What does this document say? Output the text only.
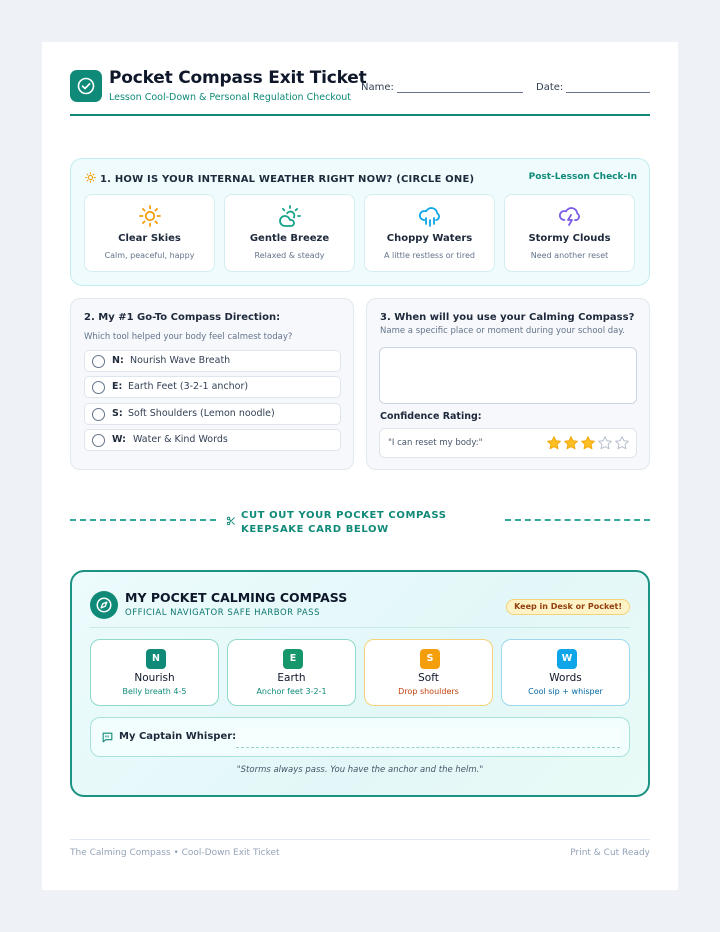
Pocket Compass Exit Ticket
Lesson Cool-Down & Personal Regulation Checkout
Name:	Date:
1. HOW IS YOUR INTERNAL WEATHER RIGHT NOW? (CIRCLE ONE)	Post-Lesson Check-In
Clear Skies
Calm, peaceful, happy
Gentle Breeze
Relaxed & steady
Choppy Waters
A little restless or tired
Stormy Clouds
Need another reset
2. My #1 Go-To Compass Direction:
Which tool helped your body feel calmest today?
N: Nourish Wave Breath
E: Earth Feet (3-2-1 anchor)
S: Soft Shoulders (Lemon noodle)
W: Water & Kind Words
3. When will you use your Calming Compass?
Name a specific place or moment during your school day.
Confidence Rating:
"I can reset my body:"
CUT OUT YOUR POCKET COMPASS
KEEPSAKE CARD BELOW
MY POCKET CALMING COMPASS
OFFICIAL NAVIGATOR SAFE HARBOR PASS
Keep in Desk or Pocket!
N
Nourish
Belly breath 4-5
E
Earth
Anchor feet 3-2-1
S
Soft
Drop shoulders
W
Words
Cool sip + whisper
My Captain Whisper:
"Storms always pass. You have the anchor and the helm."
The Calming Compass • Cool-Down Exit Ticket	Print & Cut Ready
